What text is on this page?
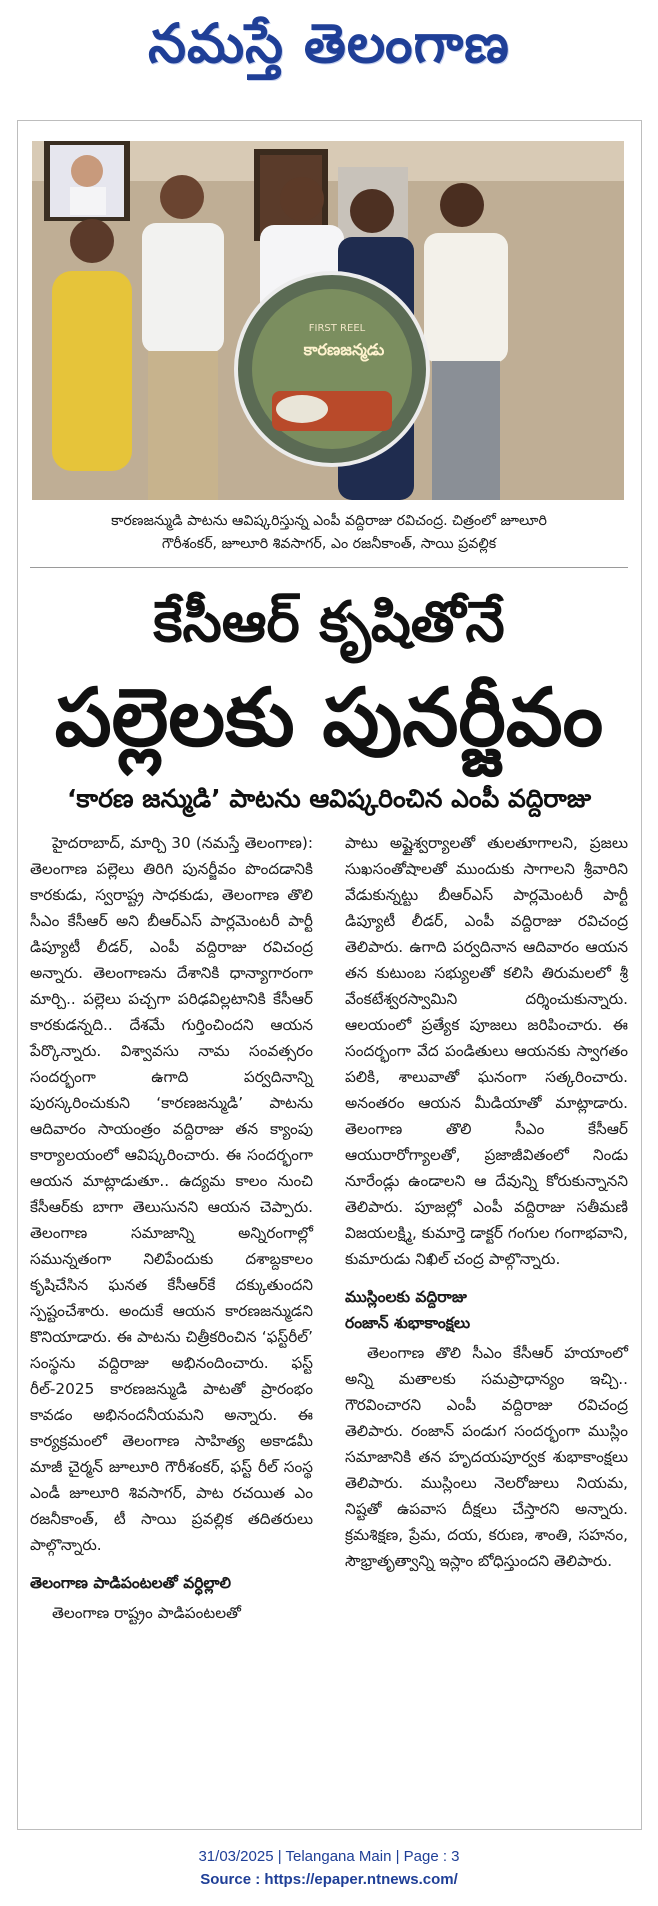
నమస్తే తెలంగాణ
FIRST REEL
కారణజన్మడు
కారణజన్ముడి పాటను ఆవిష్కరిస్తున్న ఎంపీ వద్దిరాజు రవిచంద్ర. చిత్రంలో జూలూరి
గౌరీశంకర్, జూలూరి శివసాగర్, ఎం రజనీకాంత్, సాయి ప్రవల్లిక
కేసీఆర్ కృషితోనే
పల్లెలకు పునర్జీవం
‘కారణ జన్ముడి’ పాటను ఆవిష్కరించిన ఎంపీ వద్దిరాజు

హైదరాబాద్, మార్చి 30 (నమస్తే తెలంగాణ): తెలంగాణ పల్లెలు తిరిగి పునర్జీవం పొందడానికి కారకుడు, స్వరాష్ట్ర సాధకుడు, తెలంగాణ తొలి సీఎం కేసీఆర్ అని బీఆర్ఎస్ పార్లమెంటరీ పార్టీ డిప్యూటీ లీడర్, ఎంపీ వద్దిరాజు రవిచంద్ర అన్నారు. తెలంగాణను దేశానికి ధాన్యాగారంగా మార్చి.. పల్లెలు పచ్చగా పరిఢవిల్లటానికి కేసీఆర్ కారకుడన్నది.. దేశమే గుర్తించిందని ఆయన పేర్కొన్నారు. విశ్వావసు నామ సంవత్సరం సందర్భంగా ఉగాది పర్వదినాన్ని పురస్కరించుకుని ‘కారణజన్ముడి’ పాటను ఆదివారం సాయంత్రం వద్దిరాజు తన క్యాంపు కార్యాలయంలో ఆవిష్కరించారు. ఈ సందర్భంగా ఆయన మాట్లాడుతూ.. ఉద్యమ కాలం నుంచి కేసీఆర్‌కు బాగా తెలుసునని ఆయన చెప్పారు. తెలంగాణ సమాజాన్ని అన్నిరంగాల్లో సమున్నతంగా నిలిపేందుకు దశాబ్దకాలం కృషిచేసిన ఘనత కేసీఆర్‌కే దక్కుతుందని స్పష్టంచేశారు. అందుకే ఆయన కారణజన్ముడని కొనియాడారు. ఈ పాటను చిత్రీకరించిన ‘ఫస్ట్‌రీల్’ సంస్థను వద్దిరాజు అభినందించారు. ఫస్ట్ రీల్-2025 కారణజన్ముడి పాటతో ప్రారంభం కావడం అభినందనీయమని అన్నారు. ఈ కార్యక్రమంలో తెలంగాణ సాహిత్య అకాడమీ మాజీ చైర్మన్ జూలూరి గౌరీశంకర్, ఫస్ట్ రీల్ సంస్థ ఎండీ జూలూరి శివసాగర్, పాట రచయిత ఎం రజనీకాంత్, టీ సాయి ప్రవల్లిక తదితరులు పాల్గొన్నారు.

తెలంగాణ పాడిపంటలతో వర్ధిల్లాలి

తెలంగాణ రాష్ట్రం పాడిపంటలతో

పాటు అష్టైశ్వర్యాలతో తులతూగాలని, ప్రజలు సుఖసంతోషాలతో ముందుకు సాగాలని శ్రీవారిని వేడుకున్నట్టు బీఆర్ఎస్ పార్లమెంటరీ పార్టీ డిప్యూటీ లీడర్, ఎంపీ వద్దిరాజు రవిచంద్ర తెలిపారు. ఉగాది పర్వదినాన ఆదివారం ఆయన తన కుటుంబ సభ్యులతో కలిసి తిరుమలలో శ్రీ వేంకటేశ్వరస్వామిని దర్శించుకున్నారు. ఆలయంలో ప్రత్యేక పూజలు జరిపించారు. ఈ సందర్భంగా వేద పండితులు ఆయనకు స్వాగతం పలికి, శాలువాతో ఘనంగా సత్కరించారు. అనంతరం ఆయన మీడియాతో మాట్లాడారు. తెలంగాణ తొలి సీఎం కేసీఆర్ ఆయురారోగ్యాలతో, ప్రజాజీవితంలో నిండు నూరేండ్లు ఉండాలని ఆ దేవున్ని కోరుకున్నానని తెలిపారు. పూజల్లో ఎంపీ వద్దిరాజు సతీమణి విజయలక్ష్మి, కుమార్తె డాక్టర్ గంగుల గంగాభవాని, కుమారుడు నిఖిల్ చంద్ర పాల్గొన్నారు.

ముస్లింలకు వద్దిరాజు
రంజాన్ శుభాకాంక్షలు

తెలంగాణ తొలి సీఎం కేసీఆర్ హయాంలో అన్ని మతాలకు సమప్రాధాన్యం ఇచ్చి.. గౌరవించారని ఎంపీ వద్దిరాజు రవిచంద్ర తెలిపారు. రంజాన్ పండుగ సందర్భంగా ముస్లిం సమాజానికి తన హృదయపూర్వక శుభాకాంక్షలు తెలిపారు. ముస్లింలు నెలరోజులు నియమ, నిష్టతో ఉపవాస దీక్షలు చేస్తారని అన్నారు. క్రమశిక్షణ, ప్రేమ, దయ, కరుణ, శాంతి, సహనం, సౌభ్రాతృత్వాన్ని ఇస్లాం బోధిస్తుందని తెలిపారు.

31/03/2025 | Telangana Main | Page : 3
Source : https://epaper.ntnews.com/
